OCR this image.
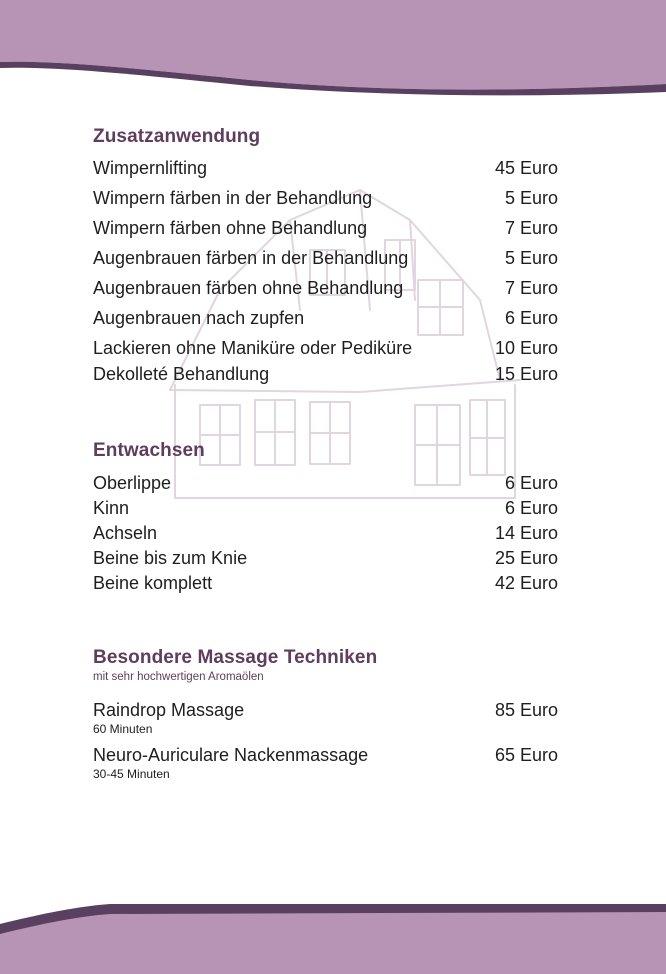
Zusatzanwendung
Wimpernlifting	45 Euro
Wimpern färben in der Behandlung	5 Euro
Wimpern färben ohne Behandlung	7 Euro
Augenbrauen färben in der Behandlung	5 Euro
Augenbrauen färben ohne Behandlung	7 Euro
Augenbrauen nach zupfen	6 Euro
Lackieren ohne Maniküre oder Pediküre	10 Euro
Dekolleté Behandlung	15 Euro
Entwachsen
Oberlippe	6 Euro
Kinn	6 Euro
Achseln	14 Euro
Beine bis zum Knie	25 Euro
Beine komplett	42 Euro
Besondere Massage Techniken
mit sehr hochwertigen Aromaölen
Raindrop Massage	85 Euro
60 Minuten
Neuro-Auriculare Nackenmassage	65 Euro
30-45 Minuten
